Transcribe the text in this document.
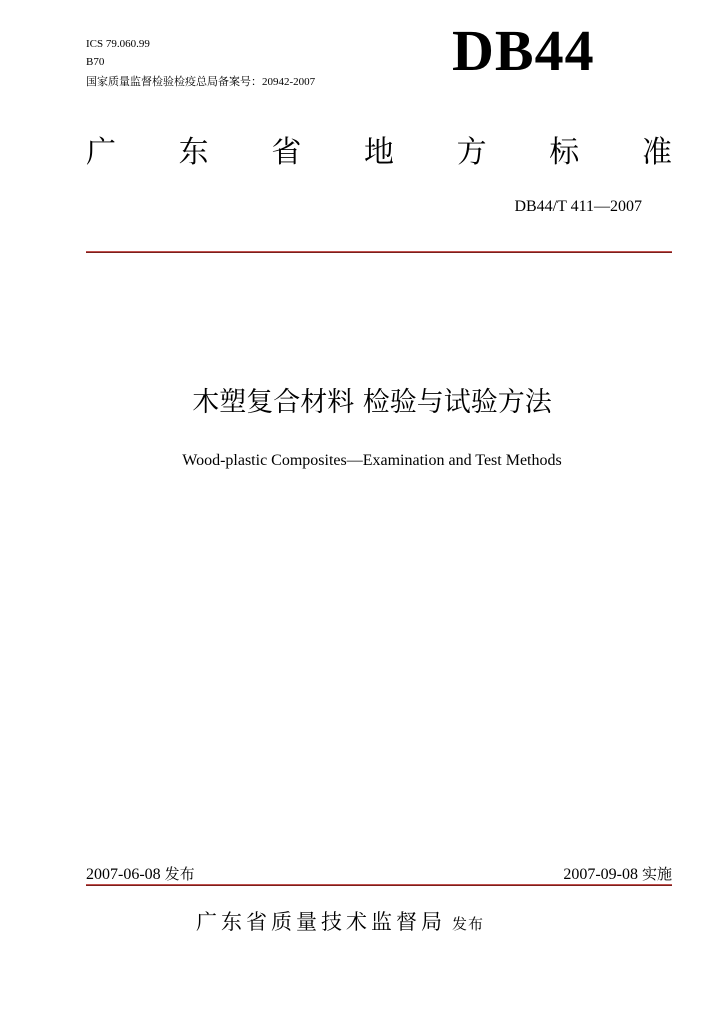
ICS 79.060.99
B70
国家质量监督检验检疫总局备案号：20942-2007 DB44
广 东 省 地 方 标 准
DB44/T 411—2007
木塑复合材料 检验与试验方法
Wood-plastic Composites—Examination and Test Methods
2007-06-08 发布	2007-09-08 实施
广东省质量技术监督局 发布
